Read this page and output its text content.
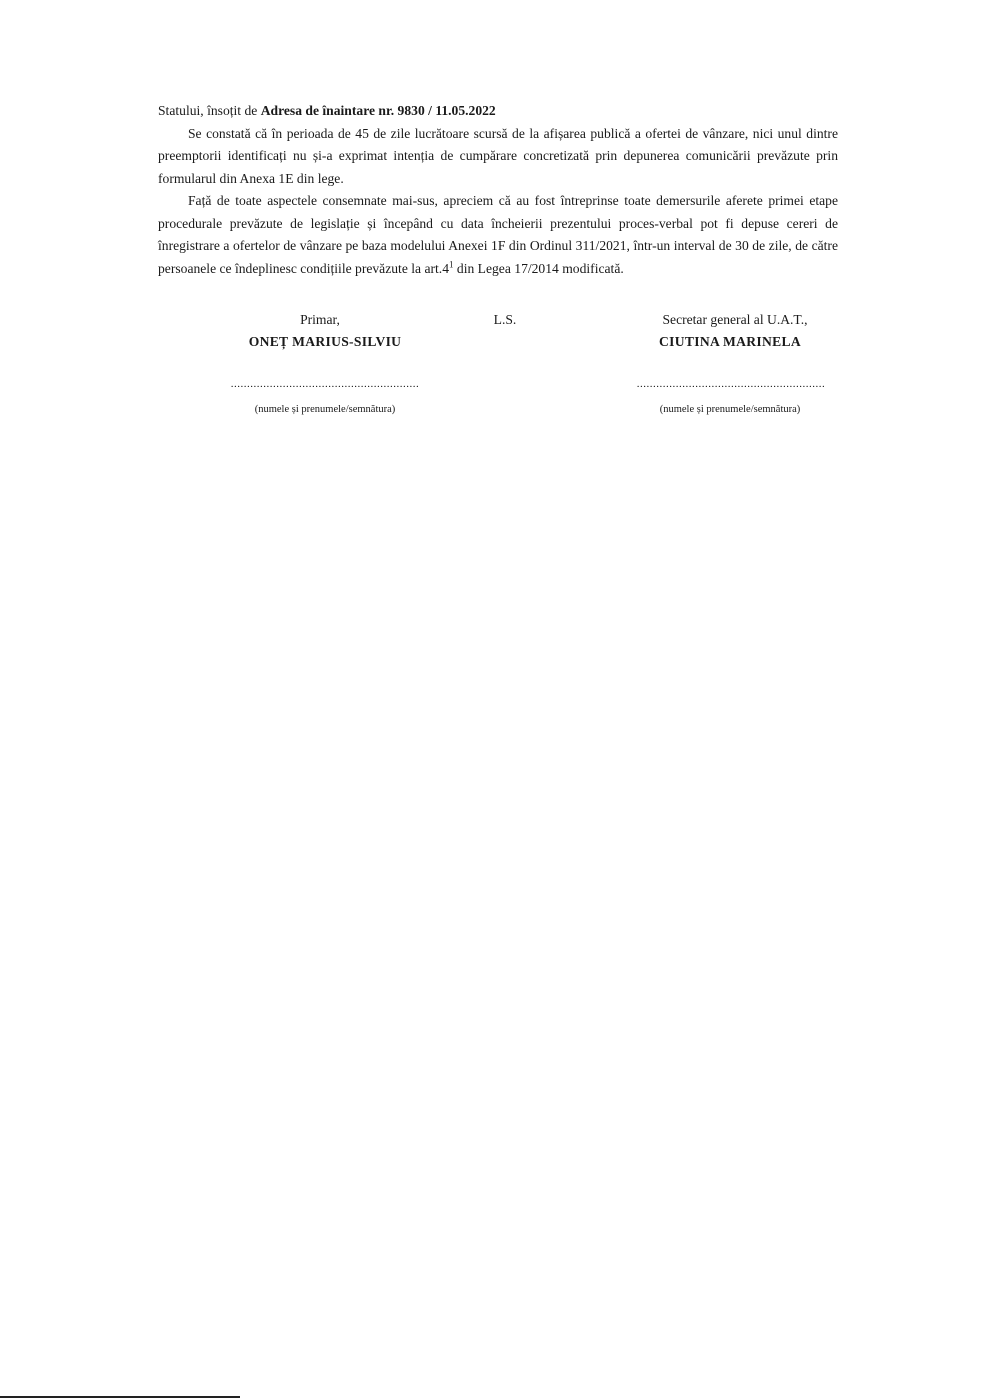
Statului, însoțit de Adresa de înaintare nr. 9830 / 11.05.2022

Se constată că în perioada de 45 de zile lucrătoare scursă de la afișarea publică a ofertei de vânzare, nici unul dintre preemptorii identificați nu și-a exprimat intenția de cumpărare concretizată prin depunerea comunicării prevăzute prin formularul din Anexa 1E din lege.

Față de toate aspectele consemnate mai-sus, apreciem că au fost întreprinse toate demersurile aferete primei etape procedurale prevăzute de legislație și începând cu data încheierii prezentului proces-verbal pot fi depuse cereri de înregistrare a ofertelor de vânzare pe baza modelului Anexei 1F din Ordinul 311/2021, într-un interval de 30 de zile, de către persoanele ce îndeplinesc condițiile prevăzute la $art.4^1$ din Legea 17/2014 modificată.

Primar,	L.S.	Secretar general al U.A.T.,
ONEȚ MARIUS-SILVIU	CIUTINA MARINELA
..........................................................	..........................................................
(numele și prenumele/semnătura)	(numele și prenumele/semnătura)
